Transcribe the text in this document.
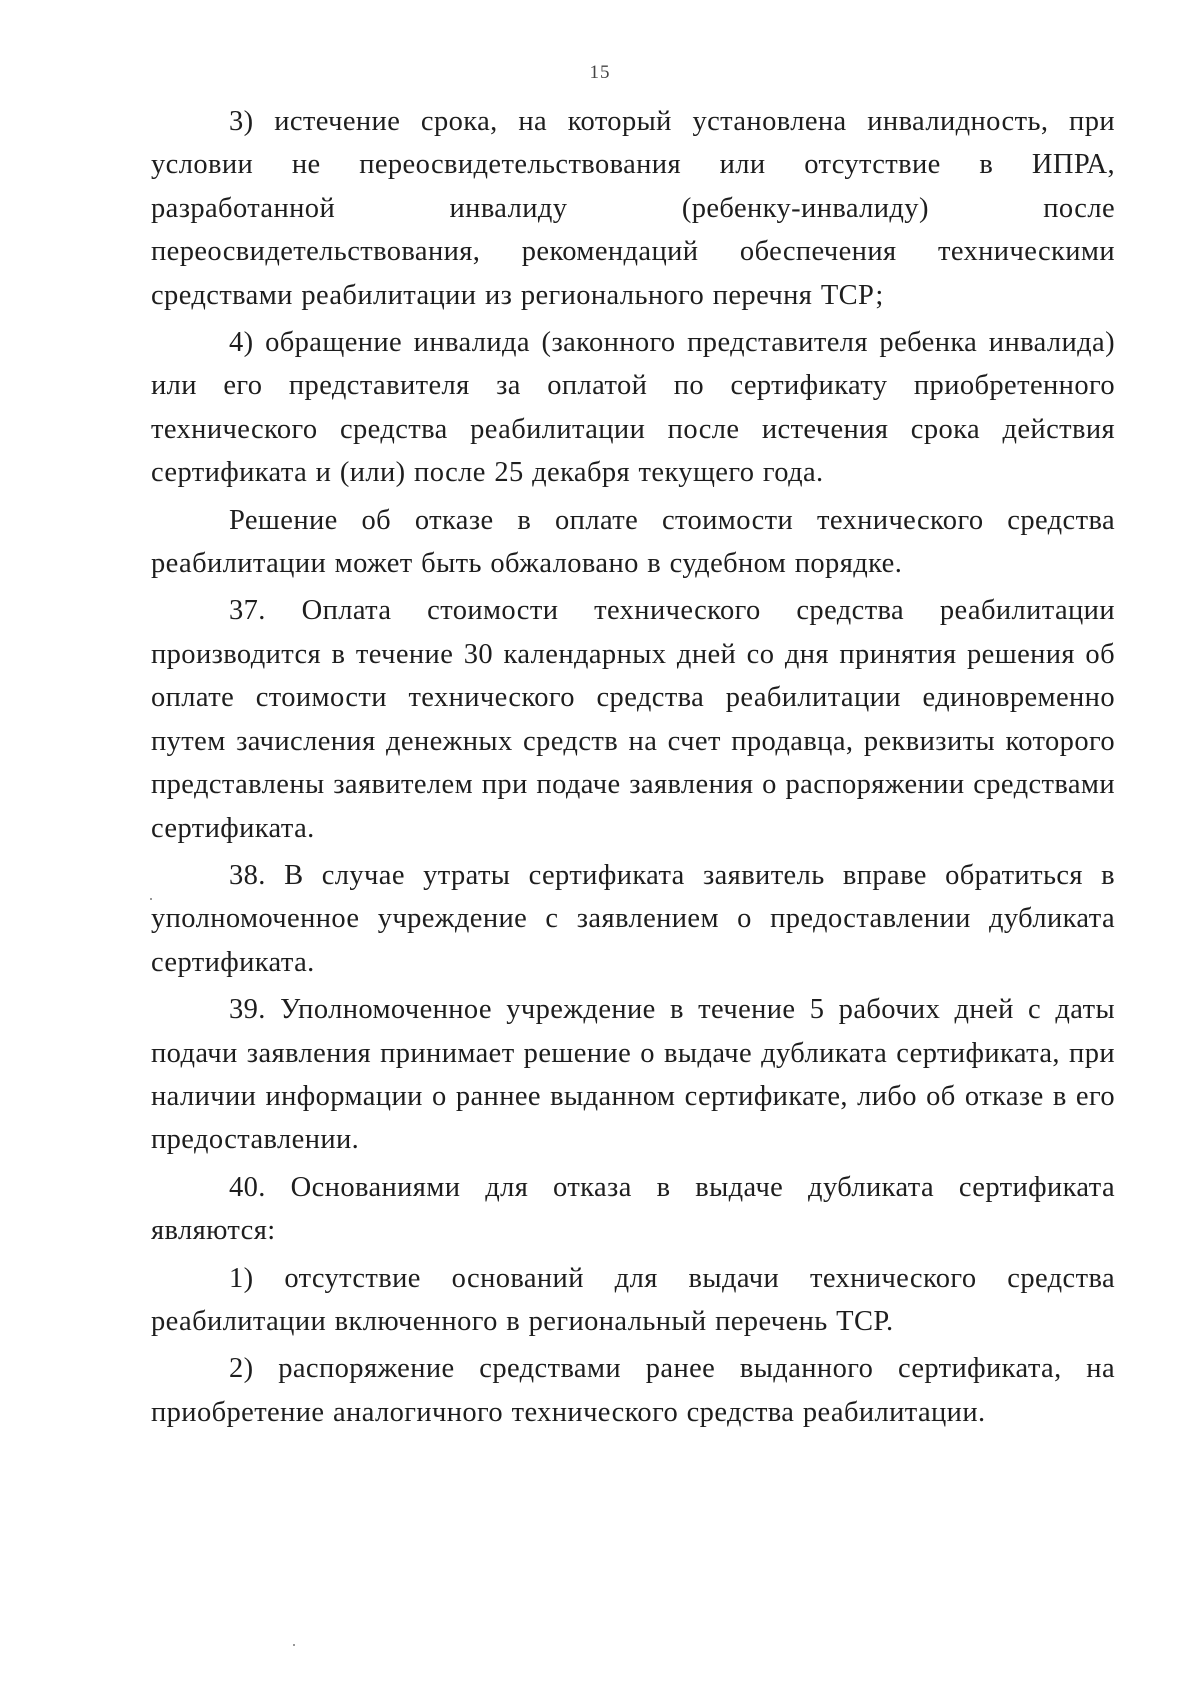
15

3) истечение срока, на который установлена инвалидность, при условии не переосвидетельствования или отсутствие в ИПРА, разработанной инвалиду (ребенку-инвалиду) после переосвидетельствования, рекомендаций обеспечения техническими средствами реабилитации из регионального перечня ТСР;

4) обращение инвалида (законного представителя ребенка инвалида) или его представителя за оплатой по сертификату приобретенного технического средства реабилитации после истечения срока действия сертификата и (или) после 25 декабря текущего года.

Решение об отказе в оплате стоимости технического средства реабилитации может быть обжаловано в судебном порядке.

37. Оплата стоимости технического средства реабилитации производится в течение 30 календарных дней со дня принятия решения об оплате стоимости технического средства реабилитации единовременно путем зачисления денежных средств на счет продавца, реквизиты которого представлены заявителем при подаче заявления о распоряжении средствами сертификата.

38. В случае утраты сертификата заявитель вправе обратиться в уполномоченное учреждение с заявлением о предоставлении дубликата сертификата.

39. Уполномоченное учреждение в течение 5 рабочих дней с даты подачи заявления принимает решение о выдаче дубликата сертификата, при наличии информации о раннее выданном сертификате, либо об отказе в его предоставлении.

40. Основаниями для отказа в выдаче дубликата сертификата являются:

1) отсутствие оснований для выдачи технического средства реабилитации включенного в региональный перечень ТСР.

2) распоряжение средствами ранее выданного сертификата, на приобретение аналогичного технического средства реабилитации.
